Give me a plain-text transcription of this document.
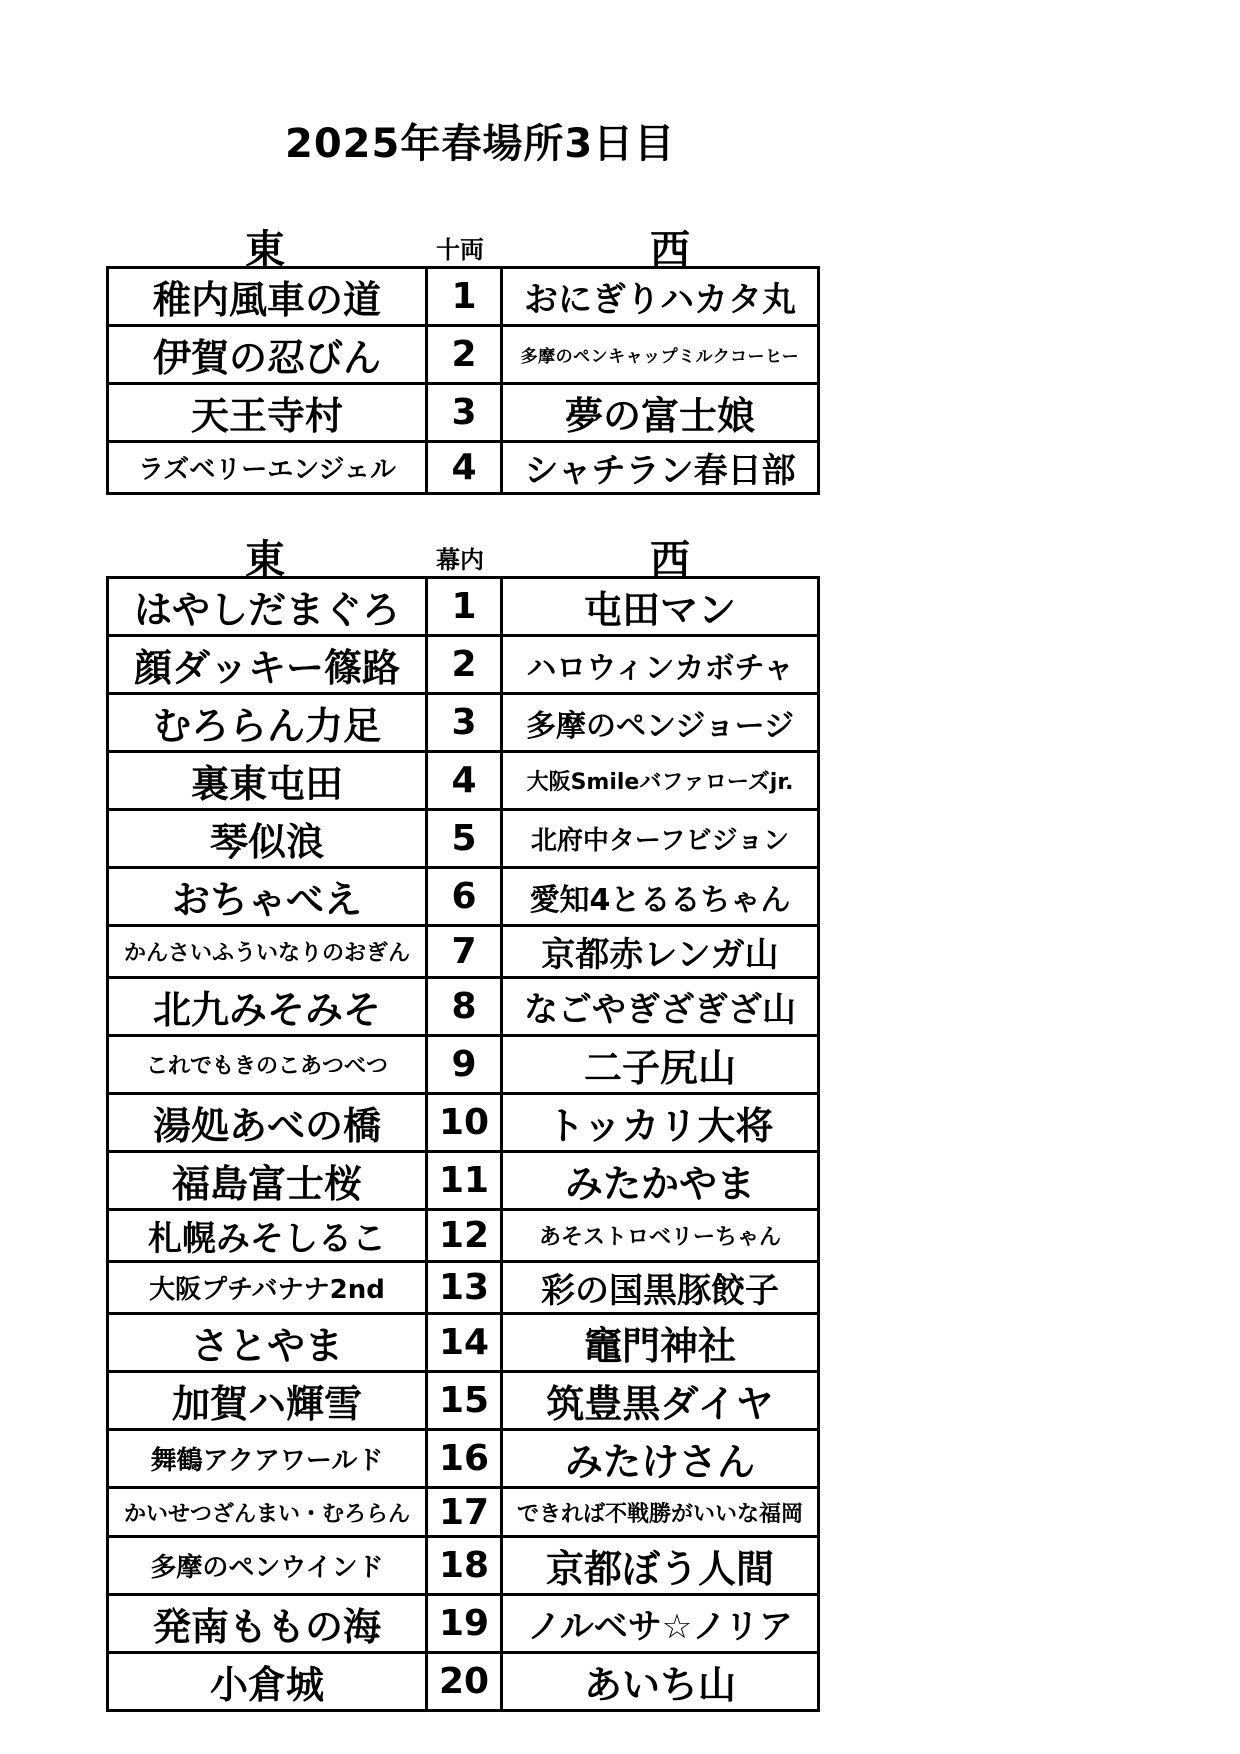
2025年春場所3日目
東	十両	西
稚内風車の道	1	おにぎりハカタ丸
伊賀の忍びん	2	多摩のペンキャップミルクコーヒー
天王寺村	3	夢の富士娘
ラズベリーエンジェル	4	シャチラン春日部
東	幕内	西
はやしだまぐろ	1	屯田マン
顔ダッキー篠路	2	ハロウィンカボチャ
むろらん力足	3	多摩のペンジョージ
裏東屯田	4	大阪Smileバファローズjr.
琴似浪	5	北府中ターフビジョン
おちゃべえ	6	愛知4とるるちゃん
かんさいふういなりのおぎん	7	京都赤レンガ山
北九みそみそ	8	なごやぎざぎざ山
これでもきのこあつべつ	9	二子尻山
湯処あべの橋	10	トッカリ大将
福島富士桜	11	みたかやま
札幌みそしるこ	12	あそストロベリーちゃん
大阪プチバナナ2nd	13	彩の国黒豚餃子
さとやま	14	竈門神社
加賀ハ輝雪	15	筑豊黒ダイヤ
舞鶴アクアワールド	16	みたけさん
かいせつざんまい・むろらん	17	できれば不戦勝がいいな福岡
多摩のペンウインド	18	京都ぼう人間
発南ももの海	19	ノルベサ☆ノリア
小倉城	20	あいち山
